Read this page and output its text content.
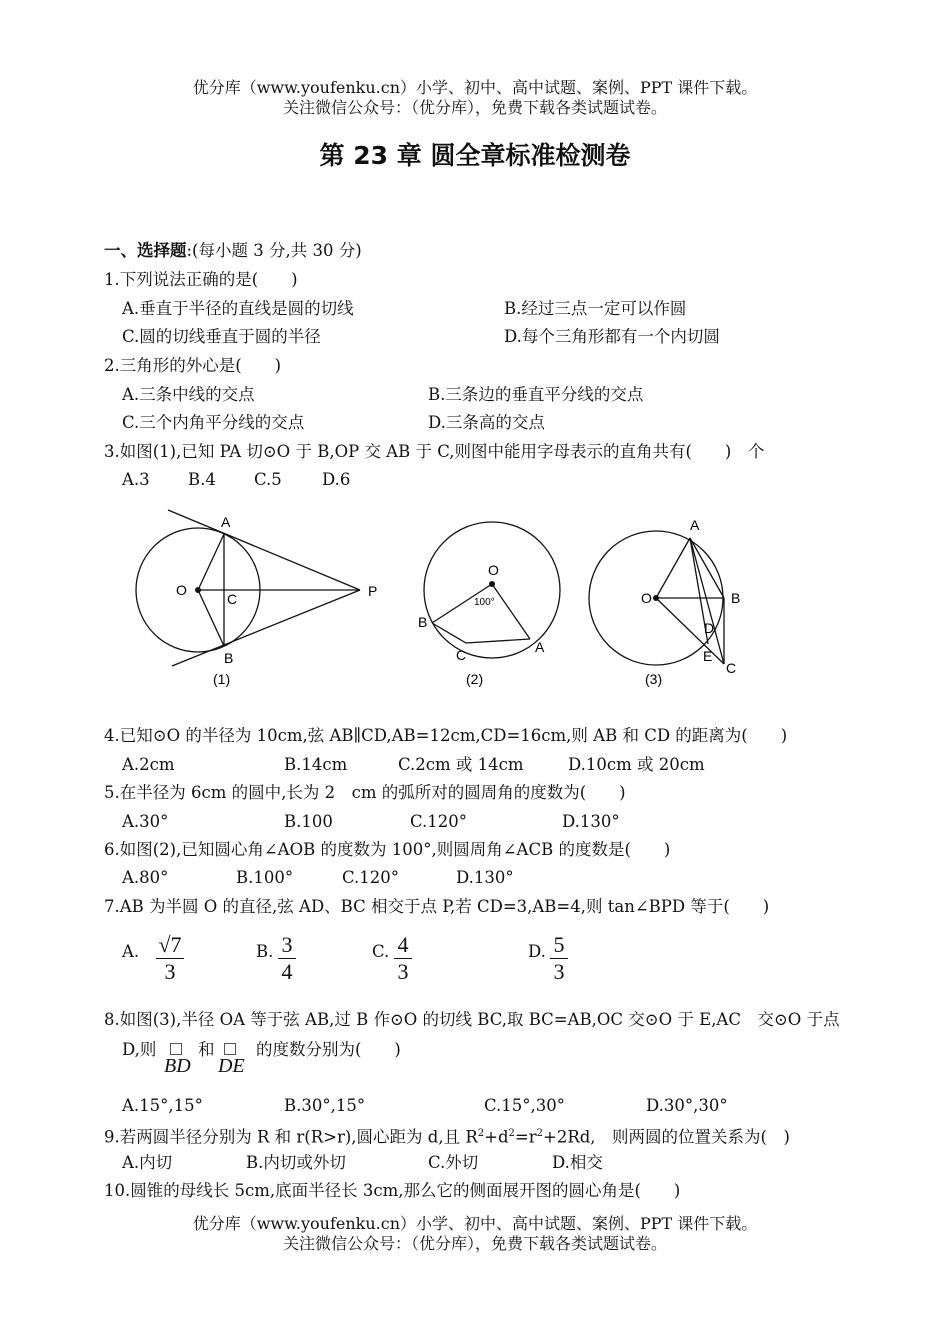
优分库（www.youfenku.cn）小学、初中、高中试题、案例、PPT 课件下载。
关注微信公众号：（优分库），免费下载各类试题试卷。
第 23 章 圆全章标准检测卷
一、选择题:(每小题 3 分,共 30 分)
1.下列说法正确的是(　　)
A.垂直于半径的直线是圆的切线	B.经过三点一定可以作圆
C.圆的切线垂直于圆的半径	D.每个三角形都有一个内切圆
2.三角形的外心是(　　)
A.三条中线的交点	B.三条边的垂直平分线的交点
C.三个内角平分线的交点	D.三条高的交点
3.如图(1),已知 PA 切⊙O 于 B,OP 交 AB 于 C,则图中能用字母表示的直角共有(　　)　个
A.3 B.4 C.5 D.6
A
B
C
O	P
(1)
O
100°
B
C	A
(2)
A
O	B
D
E
C
(3)
4.已知⊙O 的半径为 10cm,弦 AB∥CD,AB=12cm,CD=16cm,则 AB 和 CD 的距离为(　　)
A.2cm	B.14cm	C.2cm 或 14cm	D.10cm 或 20cm
5.在半径为 6cm 的圆中,长为 2　cm 的弧所对的圆周角的度数为(　　)
A.30°	B.100	C.120°	D.130°
6.如图(2),已知圆心角∠AOB 的度数为 100°,则圆周角∠ACB 的度数是(　　)
A.80°	B.100°	C.120°	D.130°
7.AB 为半圆 O 的直径,弦 AD、BC 相交于点 P,若 CD=3,AB=4,则 tan∠BPD 等于(　　)
A. √7
3
B. 3
4
C. 4
3
D. 5
3
8.如图(3),半径 OA 等于弦 AB,过 B 作⊙O 的切线 BC,取 BC=AB,OC 交⊙O 于 E,AC　交⊙O 于点
D,则
BD
和
DE
的度数分别为(　　)
A.15°,15°	B.30°,15°	C.15°,30°	D.30°,30°
9.若两圆半径分别为 R 和 r(R>r),圆心距为 d,且 $R^2+d^2=r^2+2Rd$,　则两圆的位置关系为(　)
A.内切	B.内切或外切	C.外切	D.相交
10.圆锥的母线长 5cm,底面半径长 3cm,那么它的侧面展开图的圆心角是(　　)
优分库（www.youfenku.cn）小学、初中、高中试题、案例、PPT 课件下载。
关注微信公众号：（优分库），免费下载各类试题试卷。
